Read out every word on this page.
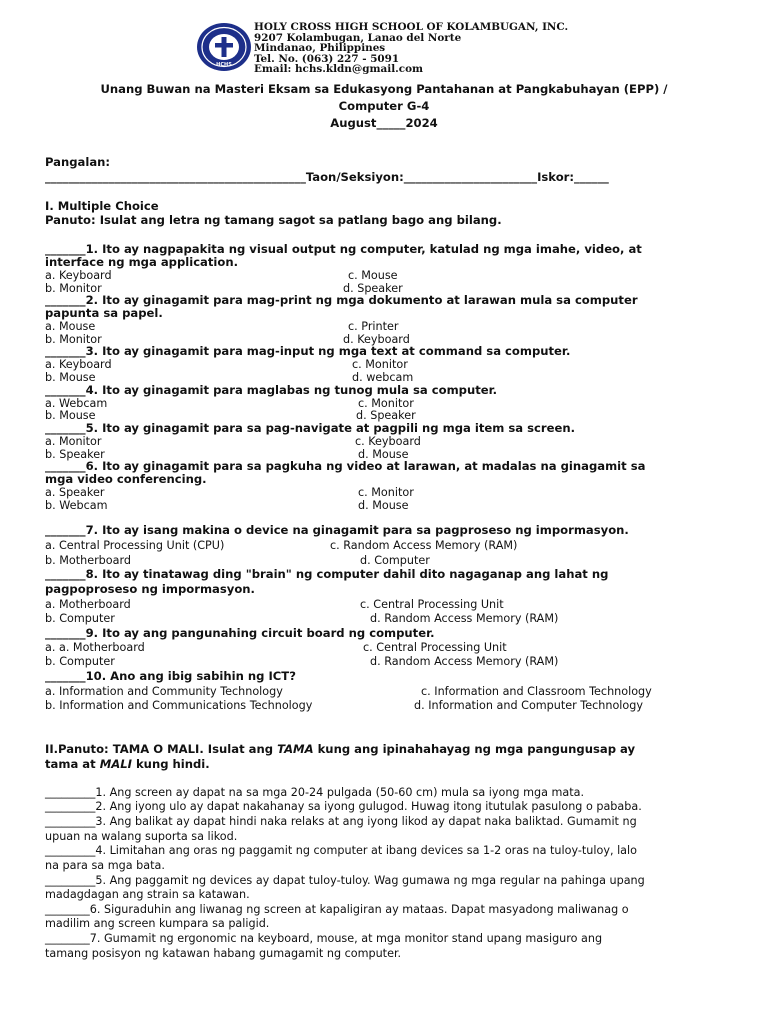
HCHS
HOLY CROSS HIGH SCHOOL OF KOLAMBUGAN, INC.
9207 Kolambugan, Lanao del Norte
Mindanao, Philippines
Tel. No. (063) 227 - 5091
Email: hchs.kldn@gmail.com
Unang Buwan na Masteri Eksam sa Edukasyong Pantahanan at Pangkabuhayan (EPP) /
Computer G-4
August_____2024
Pangalan:
_____________________________________________Taon/Seksiyon:_______________________Iskor:______
I. Multiple Choice
Panuto: Isulat ang letra ng tamang sagot sa patlang bago ang bilang.
_______1. Ito ay nagpapakita ng visual output ng computer, katulad ng mga imahe, video, at
interface ng mga application.
a. Keyboard	c. Mouse
b. Monitor	d. Speaker
_______2. Ito ay ginagamit para mag-print ng mga dokumento at larawan mula sa computer
papunta sa papel.
a. Mouse	c. Printer
b. Monitor	d. Keyboard
_______3. Ito ay ginagamit para mag-input ng mga text at command sa computer.
a. Keyboard	c. Monitor
b. Mouse	d. webcam
_______4. Ito ay ginagamit para maglabas ng tunog mula sa computer.
a. Webcam	c. Monitor
b. Mouse	d. Speaker
_______5. Ito ay ginagamit para sa pag-navigate at pagpili ng mga item sa screen.
a. Monitor	c. Keyboard
b. Speaker	d. Mouse
_______6. Ito ay ginagamit para sa pagkuha ng video at larawan, at madalas na ginagamit sa
mga video conferencing.
a. Speaker	c. Monitor
b. Webcam	d. Mouse
_______7. Ito ay isang makina o device na ginagamit para sa pagproseso ng impormasyon.
a. Central Processing Unit (CPU)	c. Random Access Memory (RAM)
b. Motherboard	d. Computer
_______8. Ito ay tinatawag ding "brain" ng computer dahil dito nagaganap ang lahat ng
pagpoproseso ng impormasyon.
a. Motherboard	c. Central Processing Unit
b. Computer	d. Random Access Memory (RAM)
_______9. Ito ay ang pangunahing circuit board ng computer.
a. a. Motherboard	c. Central Processing Unit
b. Computer	d. Random Access Memory (RAM)
_______10. Ano ang ibig sabihin ng ICT?
a. Information and Community Technology	c. Information and Classroom Technology
b. Information and Communications Technology	d. Information and Computer Technology
II.Panuto: TAMA O MALI. Isulat ang TAMA kung ang ipinahahayag ng mga pangungusap ay
tama at MALI kung hindi.
_________1. Ang screen ay dapat na sa mga 20-24 pulgada (50-60 cm) mula sa iyong mga mata.
_________2. Ang iyong ulo ay dapat nakahanay sa iyong gulugod. Huwag itong itutulak pasulong o pababa.
_________3. Ang balikat ay dapat hindi naka relaks at ang iyong likod ay dapat naka baliktad. Gumamit ng
upuan na walang suporta sa likod.
_________4. Limitahan ang oras ng paggamit ng computer at ibang devices sa 1-2 oras na tuloy-tuloy, lalo
na para sa mga bata.
_________5. Ang paggamit ng devices ay dapat tuloy-tuloy. Wag gumawa ng mga regular na pahinga upang
madagdagan ang strain sa katawan.
________6. Siguraduhin ang liwanag ng screen at kapaligiran ay mataas. Dapat masyadong maliwanag o
madilim ang screen kumpara sa paligid.
________7. Gumamit ng ergonomic na keyboard, mouse, at mga monitor stand upang masiguro ang
tamang posisyon ng katawan habang gumagamit ng computer.
